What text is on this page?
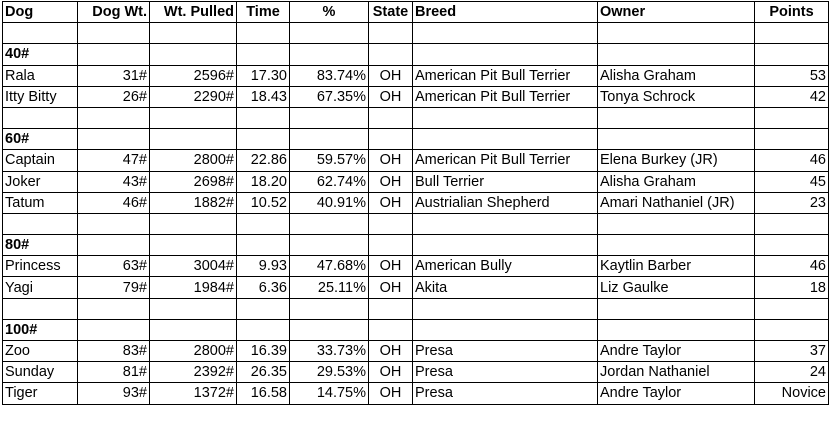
Dog	Dog Wt.	Wt. Pulled	Time	%	State	Breed	Owner	Points

40#								
Rala	31#	2596#	17.30	83.74%	OH	American Pit Bull Terrier	Alisha Graham	53
Itty Bitty	26#	2290#	18.43	67.35%	OH	American Pit Bull Terrier	Tonya Schrock	42

60#								
Captain	47#	2800#	22.86	59.57%	OH	American Pit Bull Terrier	Elena Burkey (JR)	46
Joker	43#	2698#	18.20	62.74%	OH	Bull Terrier	Alisha Graham	45
Tatum	46#	1882#	10.52	40.91%	OH	Austrialian Shepherd	Amari Nathaniel (JR)	23

80#								
Princess	63#	3004#	9.93	47.68%	OH	American Bully	Kaytlin Barber	46
Yagi	79#	1984#	6.36	25.11%	OH	Akita	Liz Gaulke	18

100#								
Zoo	83#	2800#	16.39	33.73%	OH	Presa	Andre Taylor	37
Sunday	81#	2392#	26.35	29.53%	OH	Presa	Jordan Nathaniel	24
Tiger	93#	1372#	16.58	14.75%	OH	Presa	Andre Taylor	Novice
